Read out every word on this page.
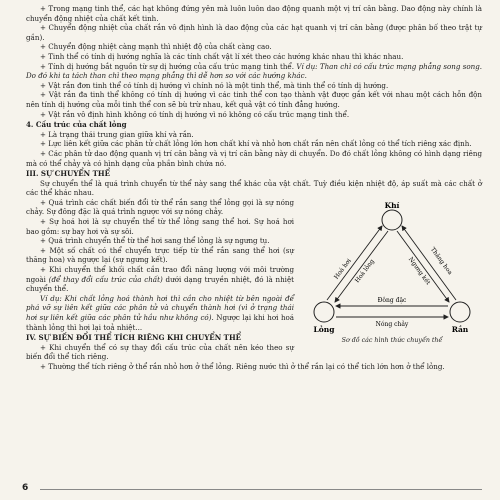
+ Trong mạng tinh thể, các hạt không đứng yên mà luôn luôn dao động quanh một vị trí cân bằng. Dao động này chính là chuyển động nhiệt của chất kết tinh.

+ Chuyển động nhiệt của chất rắn vô định hình là dao động của các hạt quanh vị trí cân bằng (được phân bố theo trật tự gần).

+ Chuyển động nhiệt càng mạnh thì nhiệt độ của chất càng cao.

+ Tinh thể có tính dị hướng nghĩa là các tính chất vật lí xét theo các hướng khác nhau thì khác nhau.

+ Tính dị hướng bắt nguồn từ sự dị hướng của cấu trúc mạng tinh thể. Ví dụ: Than chì có cấu trúc mạng phẳng song song. Do đó khi ta tách than chì theo mạng phẳng thì dễ hơn so với các hướng khác.

+ Vật rắn đơn tinh thể có tính dị hướng vì chính nó là một tinh thể, mà tinh thể có tính dị hướng.

+ Vật rắn đa tinh thể không có tính dị hướng vì các tinh thể con tạo thành vật được gắn kết với nhau một cách hỗn độn nên tính dị hướng của mỗi tinh thể con sẽ bù trừ nhau, kết quả vật có tính đẳng hướng.

+ Vật rắn vô định hình không có tính dị hướng vì nó không có cấu trúc mạng tinh thể.

4. Cấu trúc của chất lỏng

+ Là trạng thái trung gian giữa khí và rắn.

+ Lực liên kết giữa các phân tử chất lỏng lớn hơn chất khí và nhỏ hơn chất rắn nên chất lỏng có thể tích riêng xác định.

+ Các phân tử dao động quanh vị trí cân bằng và vị trí cân bằng này di chuyển. Do đó chất lỏng không có hình dạng riêng mà có thể chảy và có hình dạng của phần bình chứa nó.

III. SỰ CHUYỂN THỂ

Sự chuyển thể là quá trình chuyển từ thể này sang thể khác của vật chất. Tuỳ điều kiện nhiệt độ, áp suất mà các chất ở các thể khác nhau.

Khí
Lỏng	Rắn
Hoá hơi Hoá lỏng	Thăng hoa
Ngưng kết
Đông đặc
Nóng chảy
Sơ đồ các hình thức chuyển thể

+ Quá trình các chất biến đổi từ thể rắn sang thể lỏng gọi là sự nóng chảy. Sự đông đặc là quá trình ngược với sự nóng chảy.

+ Sự hoá hơi là sự chuyển thể từ thể lỏng sang thể hơi. Sự hoá hơi bao gồm: sự bay hơi và sự sôi.

+ Quá trình chuyển thể từ thể hơi sang thể lỏng là sự ngưng tụ.

+ Một số chất có thể chuyển trực tiếp từ thể rắn sang thể hơi (sự thăng hoa) và ngược lại (sự ngưng kết).

+ Khi chuyển thể khối chất cần trao đổi năng lượng với môi trường ngoài (để thay đổi cấu trúc của chất) dưới dạng truyền nhiệt, đó là nhiệt chuyển thể.

Ví dụ: Khi chất lỏng hoá thành hơi thì cần cho nhiệt từ bên ngoài để phá vỡ sự liên kết giữa các phân tử và chuyển thành hơi (vì ở trạng thái hơi sự liên kết giữa các phân tử hầu như không có). Ngược lại khi hơi hoá thành lỏng thì hơi lại toả nhiệt...

IV. SỰ BIẾN ĐỔI THỂ TÍCH RIÊNG KHI CHUYỂN THỂ

+ Khi chuyển thể có sự thay đổi cấu trúc của chất nên kéo theo sự biến đổi thể tích riêng.

+ Thường thể tích riêng ở thể rắn nhỏ hơn ở thể lỏng. Riêng nước thì ở thể rắn lại có thể tích lớn hơn ở thể lỏng.

6
